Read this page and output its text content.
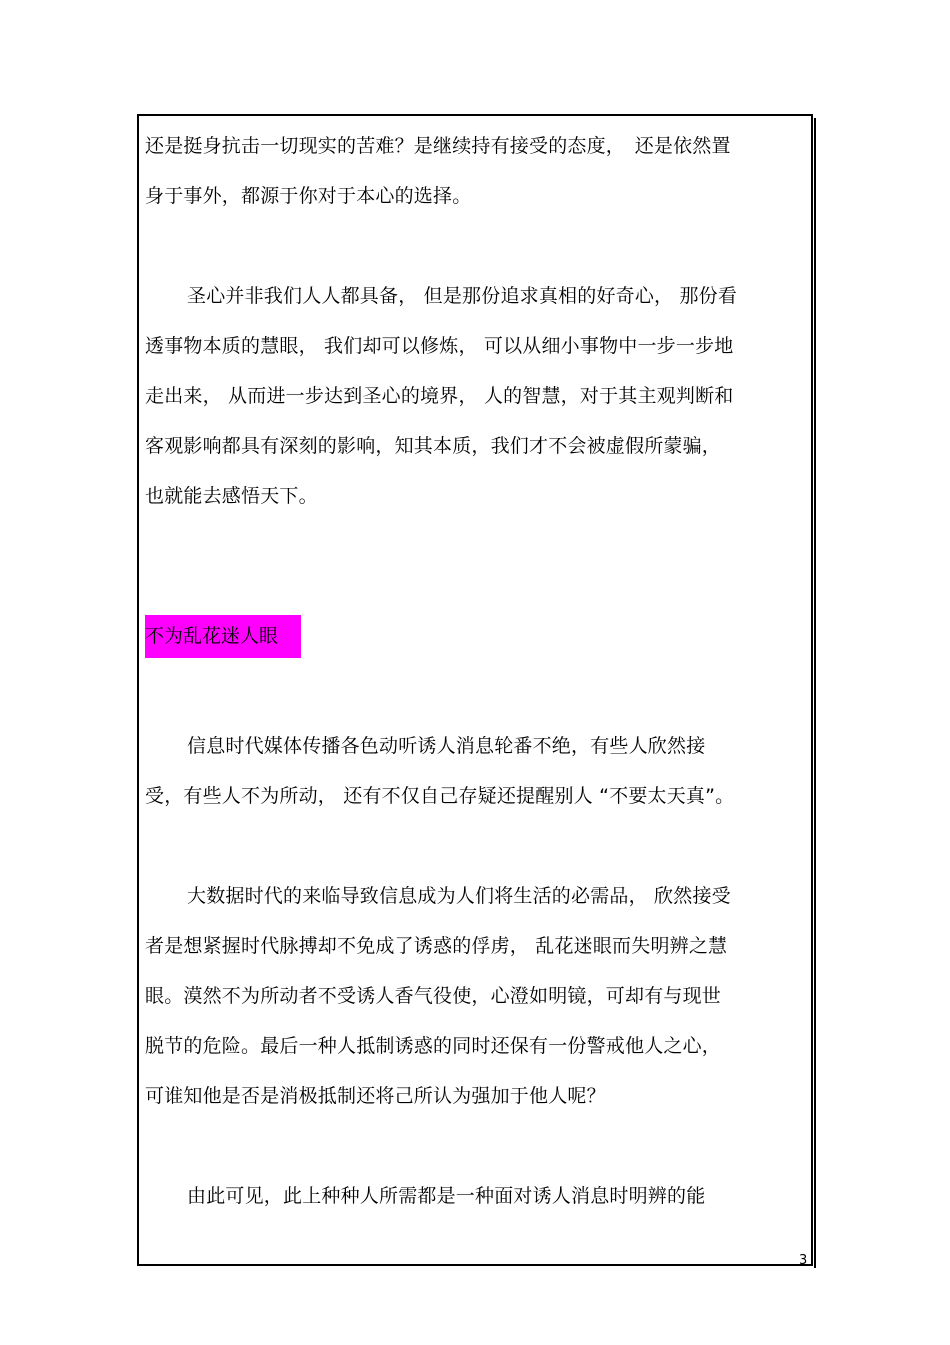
还是挺身抗击一切现实的苦难？是继续持有接受的态度，　还是依然置
身于事外，都源于你对于本心的选择。
圣心并非我们人人都具备， 但是那份追求真相的好奇心， 那份看
透事物本质的慧眼， 我们却可以修炼， 可以从细小事物中一步一步地
走出来， 从而进一步达到圣心的境界， 人的智慧，对于其主观判断和
客观影响都具有深刻的影响，知其本质，我们才不会被虚假所蒙骗，
也就能去感悟天下。
不为乱花迷人眼
信息时代媒体传播各色动听诱人消息轮番不绝，有些人欣然接
受，有些人不为所动， 还有不仅自己存疑还提醒别人 “不要太天真”。
大数据时代的来临导致信息成为人们将生活的必需品， 欣然接受
者是想紧握时代脉搏却不免成了诱惑的俘虏， 乱花迷眼而失明辨之慧
眼。漠然不为所动者不受诱人香气役使，心澄如明镜，可却有与现世
脱节的危险。最后一种人抵制诱惑的同时还保有一份警戒他人之心，
可谁知他是否是消极抵制还将己所认为强加于他人呢？
由此可见，此上种种人所需都是一种面对诱人消息时明辨的能
3
